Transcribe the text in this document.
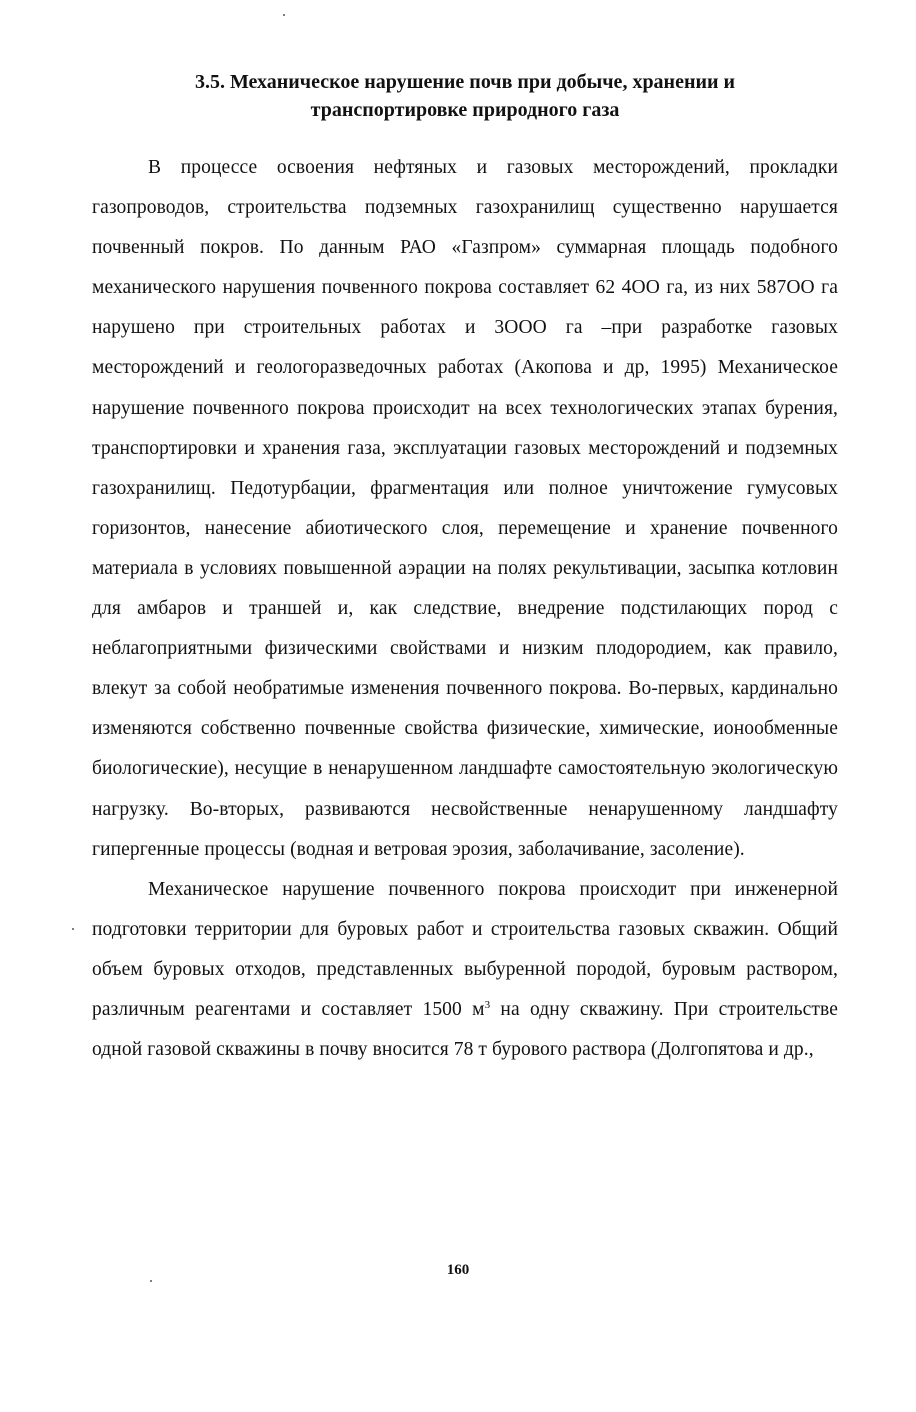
3.5. Механическое нарушение почв при добыче, хранении и
транспортировке природного газа

В процессе освоения нефтяных и газовых месторождений, прокладки газопроводов, строительства подземных газохранилищ существенно нарушается почвенный покров. По данным РАО «Газпром» суммарная площадь подобного механического нарушения почвенного покрова составляет 62 4OO га, из них 587OO га нарушено при строительных работах и 3OOO га –при разработке газовых месторождений и геологоразведочных работах (Акопова и др, 1995) Механическое нарушение почвенного покрова происходит на всех технологических этапах бурения, транспортировки и хранения газа, эксплуатации газовых месторождений и подземных газохранилищ. Педотурбации, фрагментация или полное уничтожение гумусовых горизонтов, нанесение абиотического слоя, перемещение и хранение почвенного материала в условиях повышенной аэрации на полях рекультивации, засыпка котловин для амбаров и траншей и, как следствие, внедрение подстилающих пород с неблагоприятными физическими свойствами и низким плодородием, как правило, влекут за собой необратимые изменения почвенного покрова. Во-первых, кардинально изменяются собственно почвенные свойства физические, химические, ионообменные биологические), несущие в ненарушенном ландшафте самостоятельную экологическую нагрузку. Во-вторых, развиваются несвойственные ненарушенному ландшафту гипергенные процессы (водная и ветровая эрозия, заболачивание, засоление).

Механическое нарушение почвенного покрова происходит при инженерной подготовки территории для буровых работ и строительства газовых скважин. Общий объем буровых отходов, представленных выбуренной породой, буровым раствором, различным реагентами и составляет 1500 $м^3$ на одну скважину. При строительстве одной газовой скважины в почву вносится 78 т бурового раствора (Долгопятова и др.,

160
